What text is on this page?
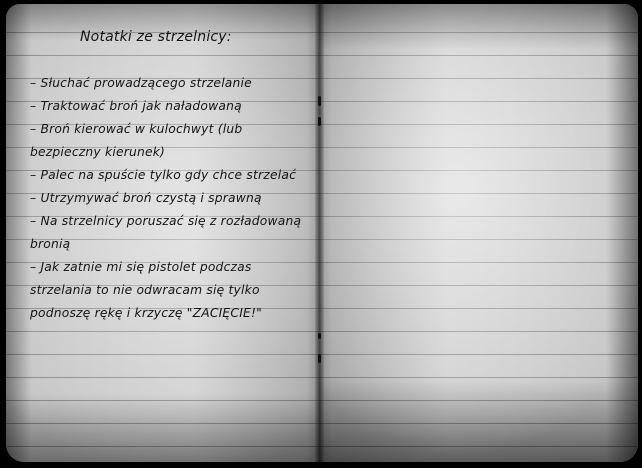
Notatki ze strzelnicy:
– Słuchać prowadzącego strzelanie
– Traktować broń jak naładowaną
– Broń kierować w kulochwyt (lub bezpieczny kierunek)
– Palec na spuście tylko gdy chce strzelać
– Utrzymywać broń czystą i sprawną
– Na strzelnicy poruszać się z rozładowaną bronią
– Jak zatnie mi się pistolet podczas strzelania to nie odwracam się tylko podnoszę rękę i krzyczę "ZACIĘCIE!"
